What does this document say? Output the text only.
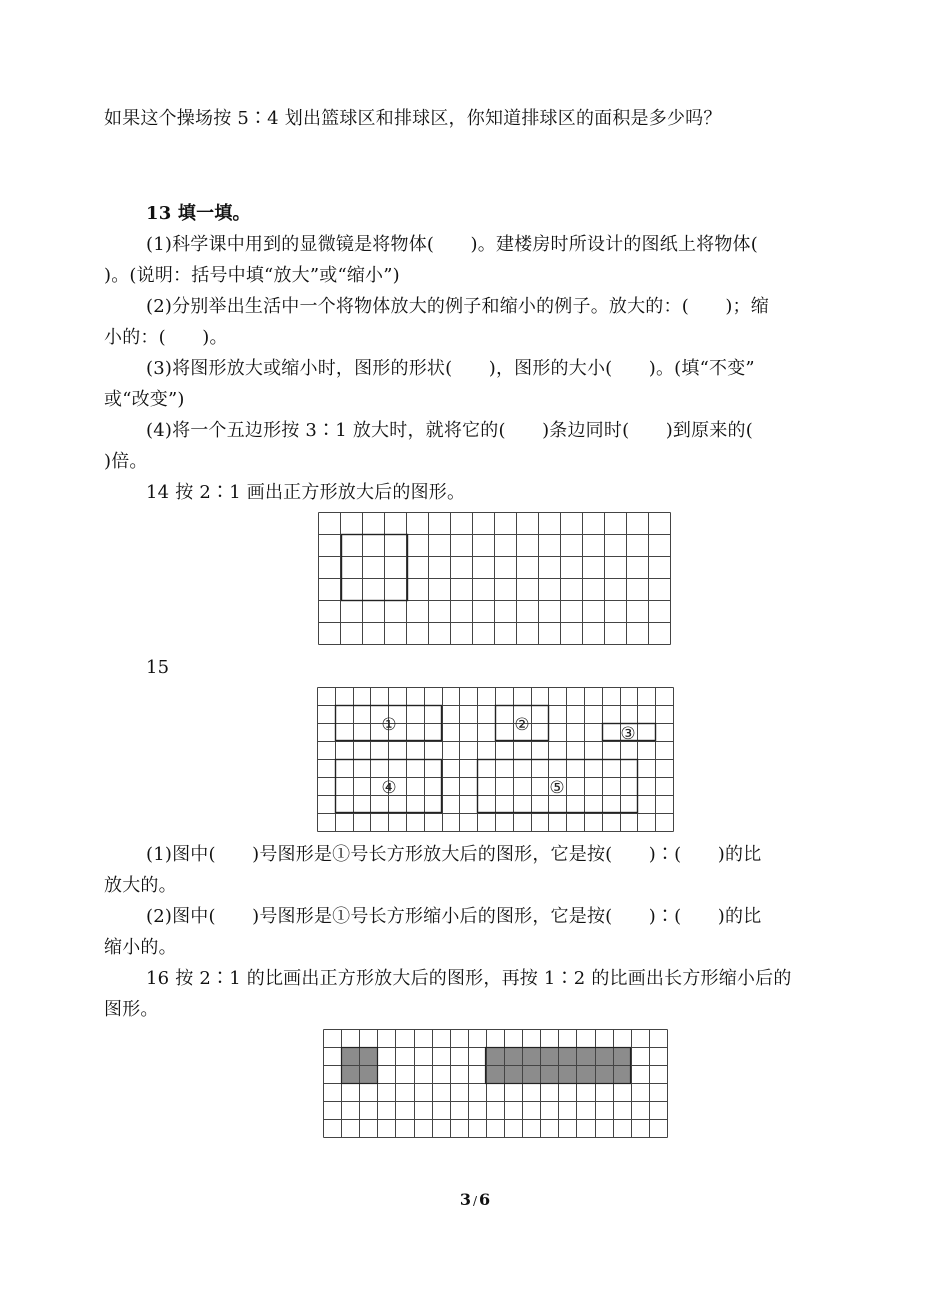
如果这个操场按 5∶4 划出篮球区和排球区，你知道排球区的面积是多少吗？
13 填一填。
(1)科学课中用到的显微镜是将物体(　　)。建楼房时所设计的图纸上将物体(
)。(说明：括号中填“放大”或“缩小”)
(2)分别举出生活中一个将物体放大的例子和缩小的例子。放大的：(　　)；缩
小的：(　　)。
(3)将图形放大或缩小时，图形的形状(　　)，图形的大小(　　)。(填“不变”
或“改变”)
(4)将一个五边形按 3∶1 放大时，就将它的(　　)条边同时(　　)到原来的(
)倍。
14 按 2∶1 画出正方形放大后的图形。
15
①	②	③
④	⑤
(1)图中(　　)号图形是①号长方形放大后的图形，它是按(　　)∶(　　)的比
放大的。
(2)图中(　　)号图形是①号长方形缩小后的图形，它是按(　　)∶(　　)的比
缩小的。
16 按 2∶1 的比画出正方形放大后的图形，再按 1∶2 的比画出长方形缩小后的
图形。
3 / 6
